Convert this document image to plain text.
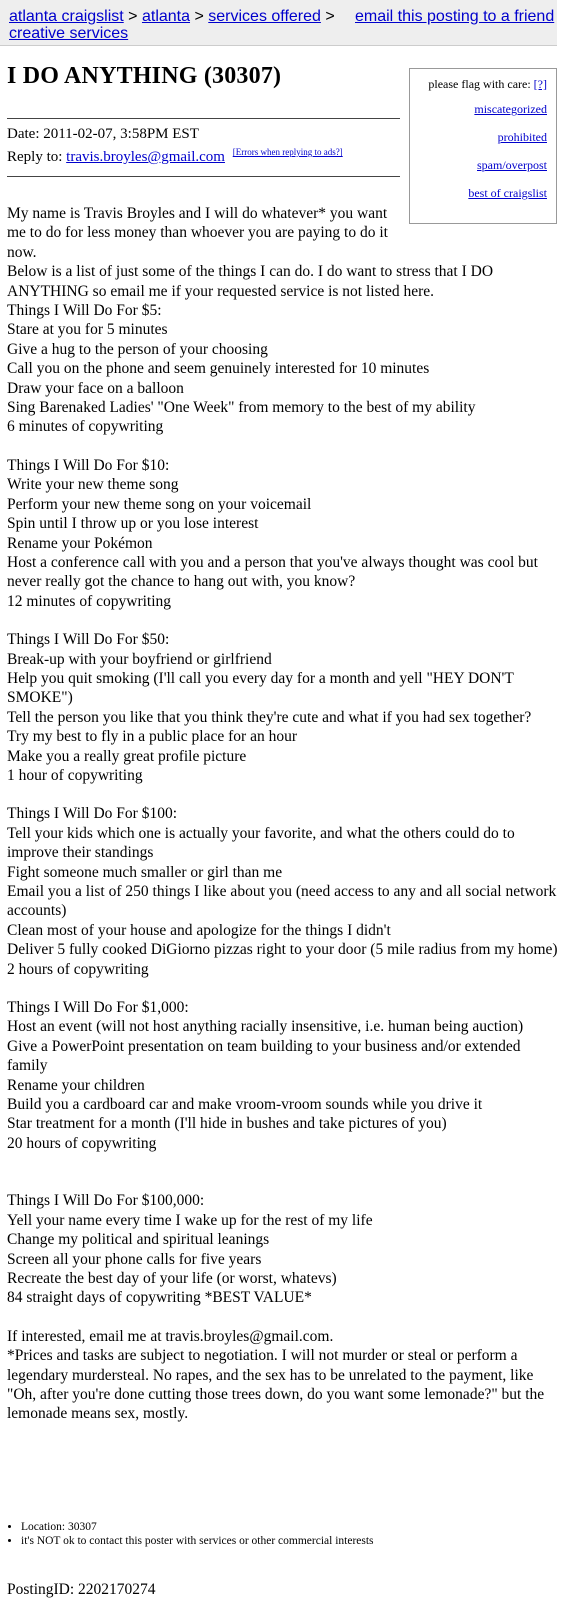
atlanta craigslist > atlanta > services offered > email this posting to a friend
creative services
I DO ANYTHING (30307)
Date: 2011-02-07, 3:58PM EST
Reply to: travis.broyles@gmail.com [Errors when replying to ads?]
please flag with care: [?]
miscategorized
prohibited
spam/overpost
best of craigslist

My name is Travis Broyles and I will do whatever* you want me to do for less money than whoever you are paying to do it now.

Below is a list of just some of the things I can do. I do want to stress that I DO ANYTHING so email me if your requested service is not listed here.

Things I Will Do For $5:
Stare at you for 5 minutes
Give a hug to the person of your choosing
Call you on the phone and seem genuinely interested for 10 minutes
Draw your face on a balloon
Sing Barenaked Ladies' "One Week" from memory to the best of my ability
6 minutes of copywriting
Things I Will Do For $10:
Write your new theme song
Perform your new theme song on your voicemail
Spin until I throw up or you lose interest
Rename your Pokémon
Host a conference call with you and a person that you've always thought was cool but never really got the chance to hang out with, you know?
12 minutes of copywriting
Things I Will Do For $50:
Break-up with your boyfriend or girlfriend
Help you quit smoking (I'll call you every day for a month and yell "HEY DON'T SMOKE")
Tell the person you like that you think they're cute and what if you had sex together?
Try my best to fly in a public place for an hour
Make you a really great profile picture
1 hour of copywriting
Things I Will Do For $100:
Tell your kids which one is actually your favorite, and what the others could do to improve their standings
Fight someone much smaller or girl than me
Email you a list of 250 things I like about you (need access to any and all social network accounts)
Clean most of your house and apologize for the things I didn't
Deliver 5 fully cooked DiGiorno pizzas right to your door (5 mile radius from my home)
2 hours of copywriting
Things I Will Do For $1,000:
Host an event (will not host anything racially insensitive, i.e. human being auction)
Give a PowerPoint presentation on team building to your business and/or extended family
Rename your children
Build you a cardboard car and make vroom-vroom sounds while you drive it
Star treatment for a month (I'll hide in bushes and take pictures of you)
20 hours of copywriting
Things I Will Do For $100,000:
Yell your name every time I wake up for the rest of my life
Change my political and spiritual leanings
Screen all your phone calls for five years
Recreate the best day of your life (or worst, whatevs)
84 straight days of copywriting *BEST VALUE*

If interested, email me at travis.broyles@gmail.com.

*Prices and tasks are subject to negotiation. I will not murder or steal or perform a legendary murdersteal. No rapes, and the sex has to be unrelated to the payment, like "Oh, after you're done cutting those trees down, do you want some lemonade?" but the lemonade means sex, mostly.

• Location: 30307
• it's NOT ok to contact this poster with services or other commercial interests
PostingID: 2202170274
